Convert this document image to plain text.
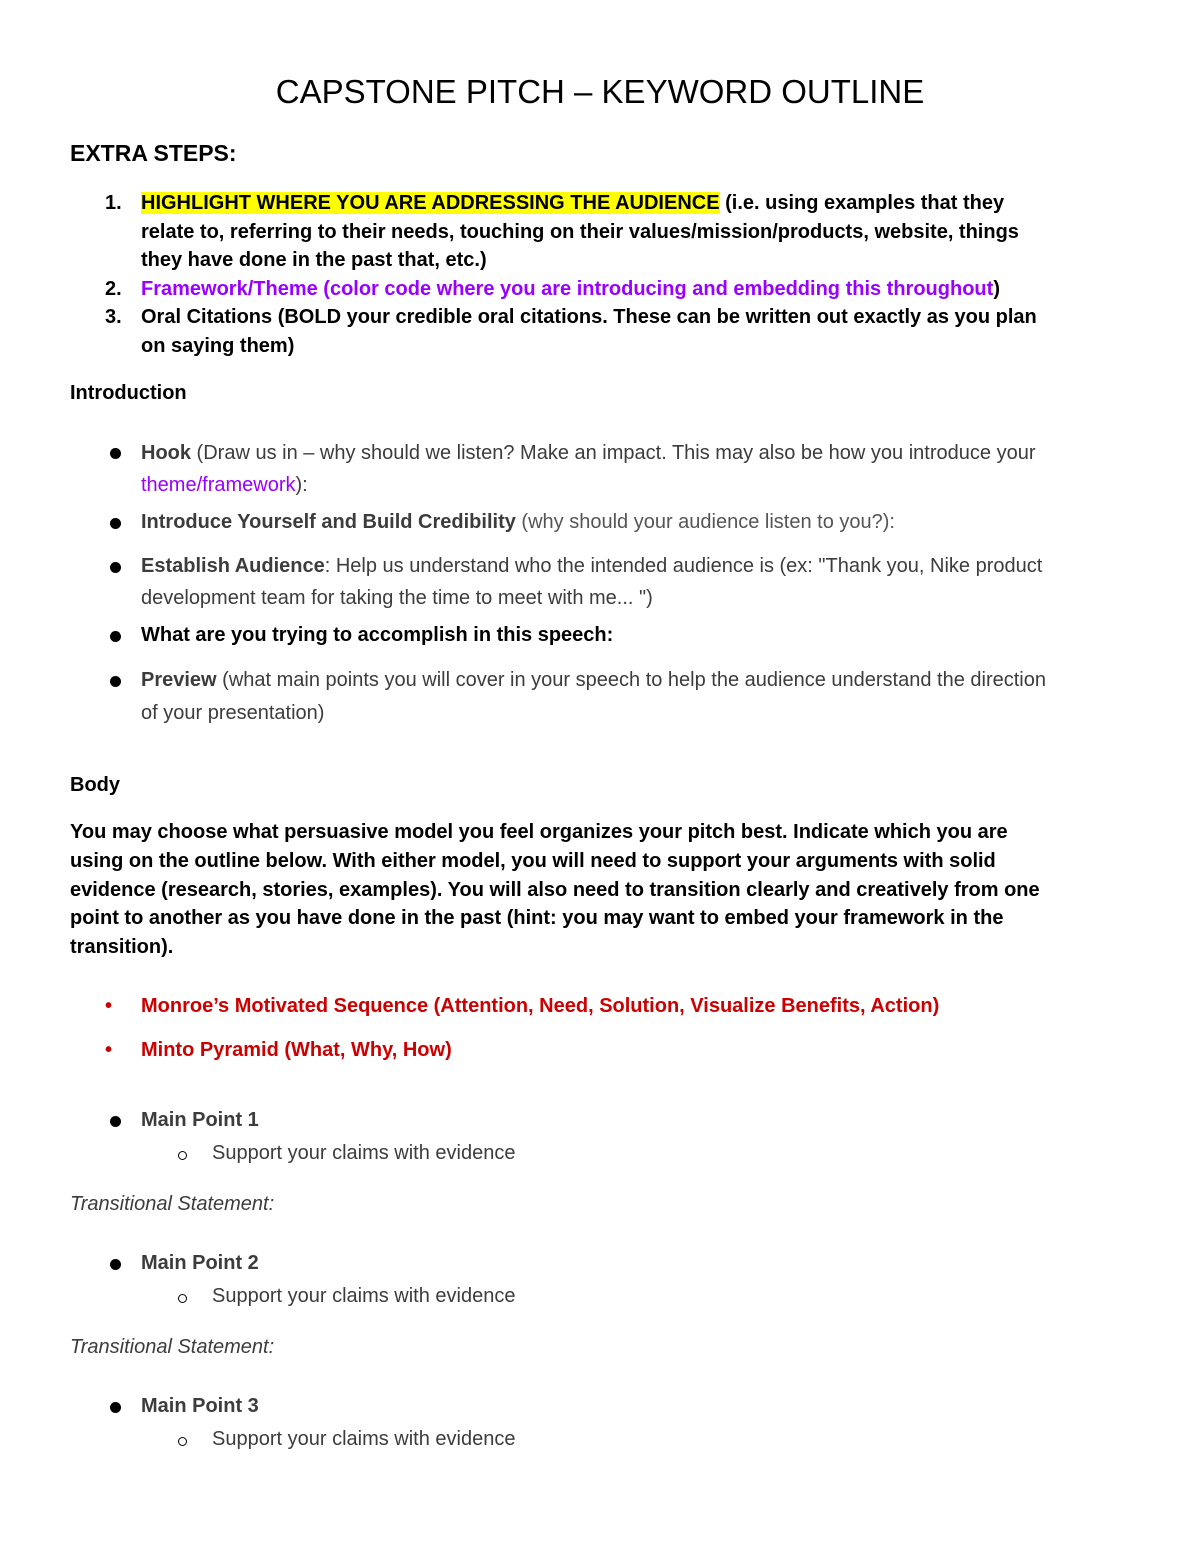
CAPSTONE PITCH – KEYWORD OUTLINE
EXTRA STEPS:
1. HIGHLIGHT WHERE YOU ARE ADDRESSING THE AUDIENCE (i.e. using examples that they
relate to, referring to their needs, touching on their values/mission/products, website, things
they have done in the past that, etc.)
2. Framework/Theme (color code where you are introducing and embedding this throughout)
3. Oral Citations (BOLD your credible oral citations. These can be written out exactly as you plan
on saying them)
Introduction
Hook (Draw us in – why should we listen? Make an impact. This may also be how you introduce your
theme/framework):
Introduce Yourself and Build Credibility (why should your audience listen to you?):
Establish Audience: Help us understand who the intended audience is (ex: "Thank you, Nike product
development team for taking the time to meet with me... ")
What are you trying to accomplish in this speech:
Preview (what main points you will cover in your speech to help the audience understand the direction
of your presentation)
Body
You may choose what persuasive model you feel organizes your pitch best. Indicate which you are
using on the outline below. With either model, you will need to support your arguments with solid
evidence (research, stories, examples). You will also need to transition clearly and creatively from one
point to another as you have done in the past (hint: you may want to embed your framework in the
transition).
• Monroe’s Motivated Sequence (Attention, Need, Solution, Visualize Benefits, Action)
• Minto Pyramid (What, Why, How)
Main Point 1
Support your claims with evidence
Transitional Statement:
Main Point 2
Support your claims with evidence
Transitional Statement:
Main Point 3
Support your claims with evidence
